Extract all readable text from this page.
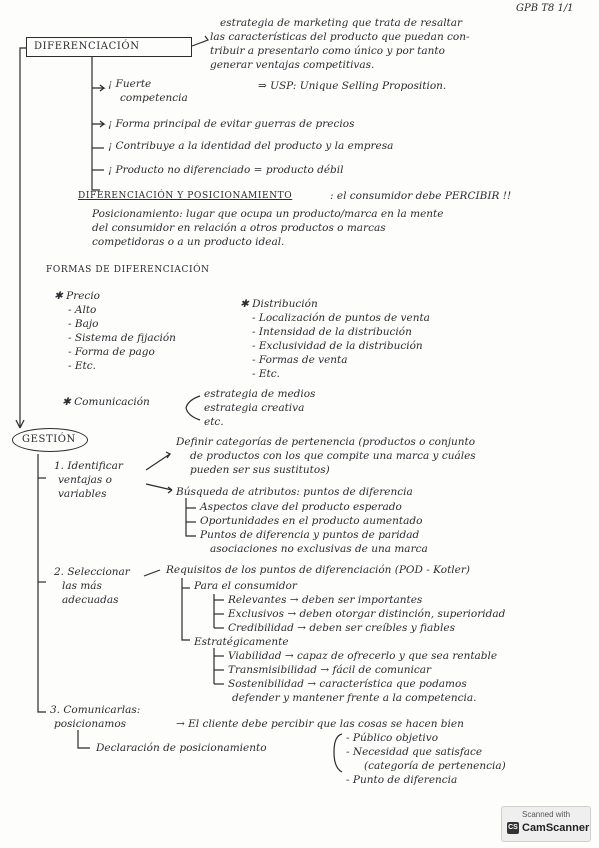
GPB T8 1/1
DIFERENCIACIÓN
estrategia de marketing que trata de resaltar
las características del producto que puedan con-
tribuir a presentarlo como único y por tanto
generar ventajas competitivas.
⇒ USP: Unique Selling Proposition.
¡ Fuerte
competencia
¡ Forma principal de evitar guerras de precios
¡ Contribuye a la identidad del producto y la empresa
¡ Producto no diferenciado = producto débil
DIFERENCIACIÓN Y POSICIONAMIENTO	: el consumidor debe PERCIBIR !!
Posicionamiento: lugar que ocupa un producto/marca en la mente
del consumidor en relación a otros productos o marcas
competidoras o a un producto ideal.
FORMAS DE DIFERENCIACIÓN
✱ Precio
- Alto
- Bajo
- Sistema de fijación
- Forma de pago
- Etc.
✱ Distribución
- Localización de puntos de venta
- Intensidad de la distribución
- Exclusividad de la distribución
- Formas de venta
- Etc.
✱ Comunicación
estrategia de medios
estrategia creativa
etc.
GESTIÓN
1. Identificar
ventajas o
variables
Definir categorías de pertenencia (productos o conjunto
de productos con los que compite una marca y cuáles
pueden ser sus sustitutos)
Búsqueda de atributos: puntos de diferencia
Aspectos clave del producto esperado
Oportunidades en el producto aumentado
Puntos de diferencia y puntos de paridad
asociaciones no exclusivas de una marca
2. Seleccionar
las más
adecuadas
Requisitos de los puntos de diferenciación (POD - Kotler)
Para el consumidor
Relevantes → deben ser importantes
Exclusivos → deben otorgar distinción, superioridad
Credibilidad → deben ser creíbles y fiables
Estratégicamente
Viabilidad → capaz de ofrecerlo y que sea rentable
Transmisibilidad → fácil de comunicar
Sostenibilidad → característica que podamos
defender y mantener frente a la competencia.
3. Comunicarlas:
posicionamos	→ El cliente debe percibir que las cosas se hacen bien
Declaración de posicionamiento
- Público objetivo
- Necesidad que satisface
(categoría de pertenencia)
- Punto de diferencia
Scanned with
CS CamScanner
